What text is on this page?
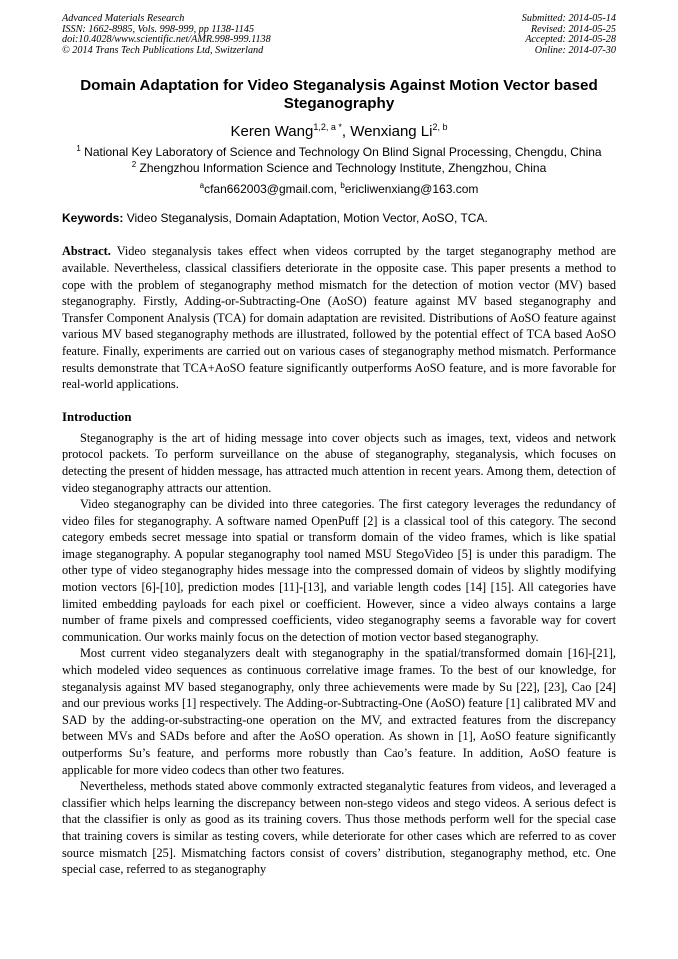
Advanced Materials Research
ISSN: 1662-8985, Vols. 998-999, pp 1138-1145
doi:10.4028/www.scientific.net/AMR.998-999.1138
© 2014 Trans Tech Publications Ltd, Switzerland
Submitted: 2014-05-14
Revised: 2014-05-25
Accepted: 2014-05-28
Online: 2014-07-30
Domain Adaptation for Video Steganalysis Against Motion Vector based Steganography
Keren Wang$^{1,2, a *}$, Wenxiang Li$^{2, b}$
$^1$ National Key Laboratory of Science and Technology On Blind Signal Processing, Chengdu, China
$^2$ Zhengzhou Information Science and Technology Institute, Zhengzhou, China
$^a$cfan662003@gmail.com, $^b$ericliwenxiang@163.com
Keywords: Video Steganalysis, Domain Adaptation, Motion Vector, AoSO, TCA.
Abstract. Video steganalysis takes effect when videos corrupted by the target steganography method are available. Nevertheless, classical classifiers deteriorate in the opposite case. This paper presents a method to cope with the problem of steganography method mismatch for the detection of motion vector (MV) based steganography. Firstly, Adding-or-Subtracting-One (AoSO) feature against MV based steganography and Transfer Component Analysis (TCA) for domain adaptation are revisited. Distributions of AoSO feature against various MV based steganography methods are illustrated, followed by the potential effect of TCA based AoSO feature. Finally, experiments are carried out on various cases of steganography method mismatch. Performance results demonstrate that TCA+AoSO feature significantly outperforms AoSO feature, and is more favorable for real-world applications.
Introduction

Steganography is the art of hiding message into cover objects such as images, text, videos and network protocol packets. To perform surveillance on the abuse of steganography, steganalysis, which focuses on detecting the present of hidden message, has attracted much attention in recent years. Among them, detection of video steganography attracts our attention.

Video steganography can be divided into three categories. The first category leverages the redundancy of video files for steganography. A software named OpenPuff [2] is a classical tool of this category. The second category embeds secret message into spatial or transform domain of the video frames, which is like spatial image steganography. A popular steganography tool named MSU StegoVideo [5] is under this paradigm. The other type of video steganography hides message into the compressed domain of videos by slightly modifying motion vectors [6]-[10], prediction modes [11]-[13], and variable length codes [14] [15]. All categories have limited embedding payloads for each pixel or coefficient. However, since a video always contains a large number of frame pixels and compressed coefficients, video steganography seems a favorable way for covert communication. Our works mainly focus on the detection of motion vector based steganography.

Most current video steganalyzers dealt with steganography in the spatial/transformed domain [16]-[21], which modeled video sequences as continuous correlative image frames. To the best of our knowledge, for steganalysis against MV based steganography, only three achievements were made by Su [22], [23], Cao [24] and our previous works [1] respectively. The Adding-or-Subtracting-One (AoSO) feature [1] calibrated MV and SAD by the adding-or-substracting-one operation on the MV, and extracted features from the discrepancy between MVs and SADs before and after the AoSO operation. As shown in [1], AoSO feature significantly outperforms Su’s feature, and performs more robustly than Cao’s feature. In addition, AoSO feature is applicable for more video codecs than other two features.

Nevertheless, methods stated above commonly extracted steganalytic features from videos, and leveraged a classifier which helps learning the discrepancy between non-stego videos and stego videos. A serious defect is that the classifier is only as good as its training covers. Thus those methods perform well for the special case that training covers is similar as testing covers, while deteriorate for other cases which are referred to as cover source mismatch [25]. Mismatching factors consist of covers’ distribution, steganography method, etc. One special case, referred to as steganography
